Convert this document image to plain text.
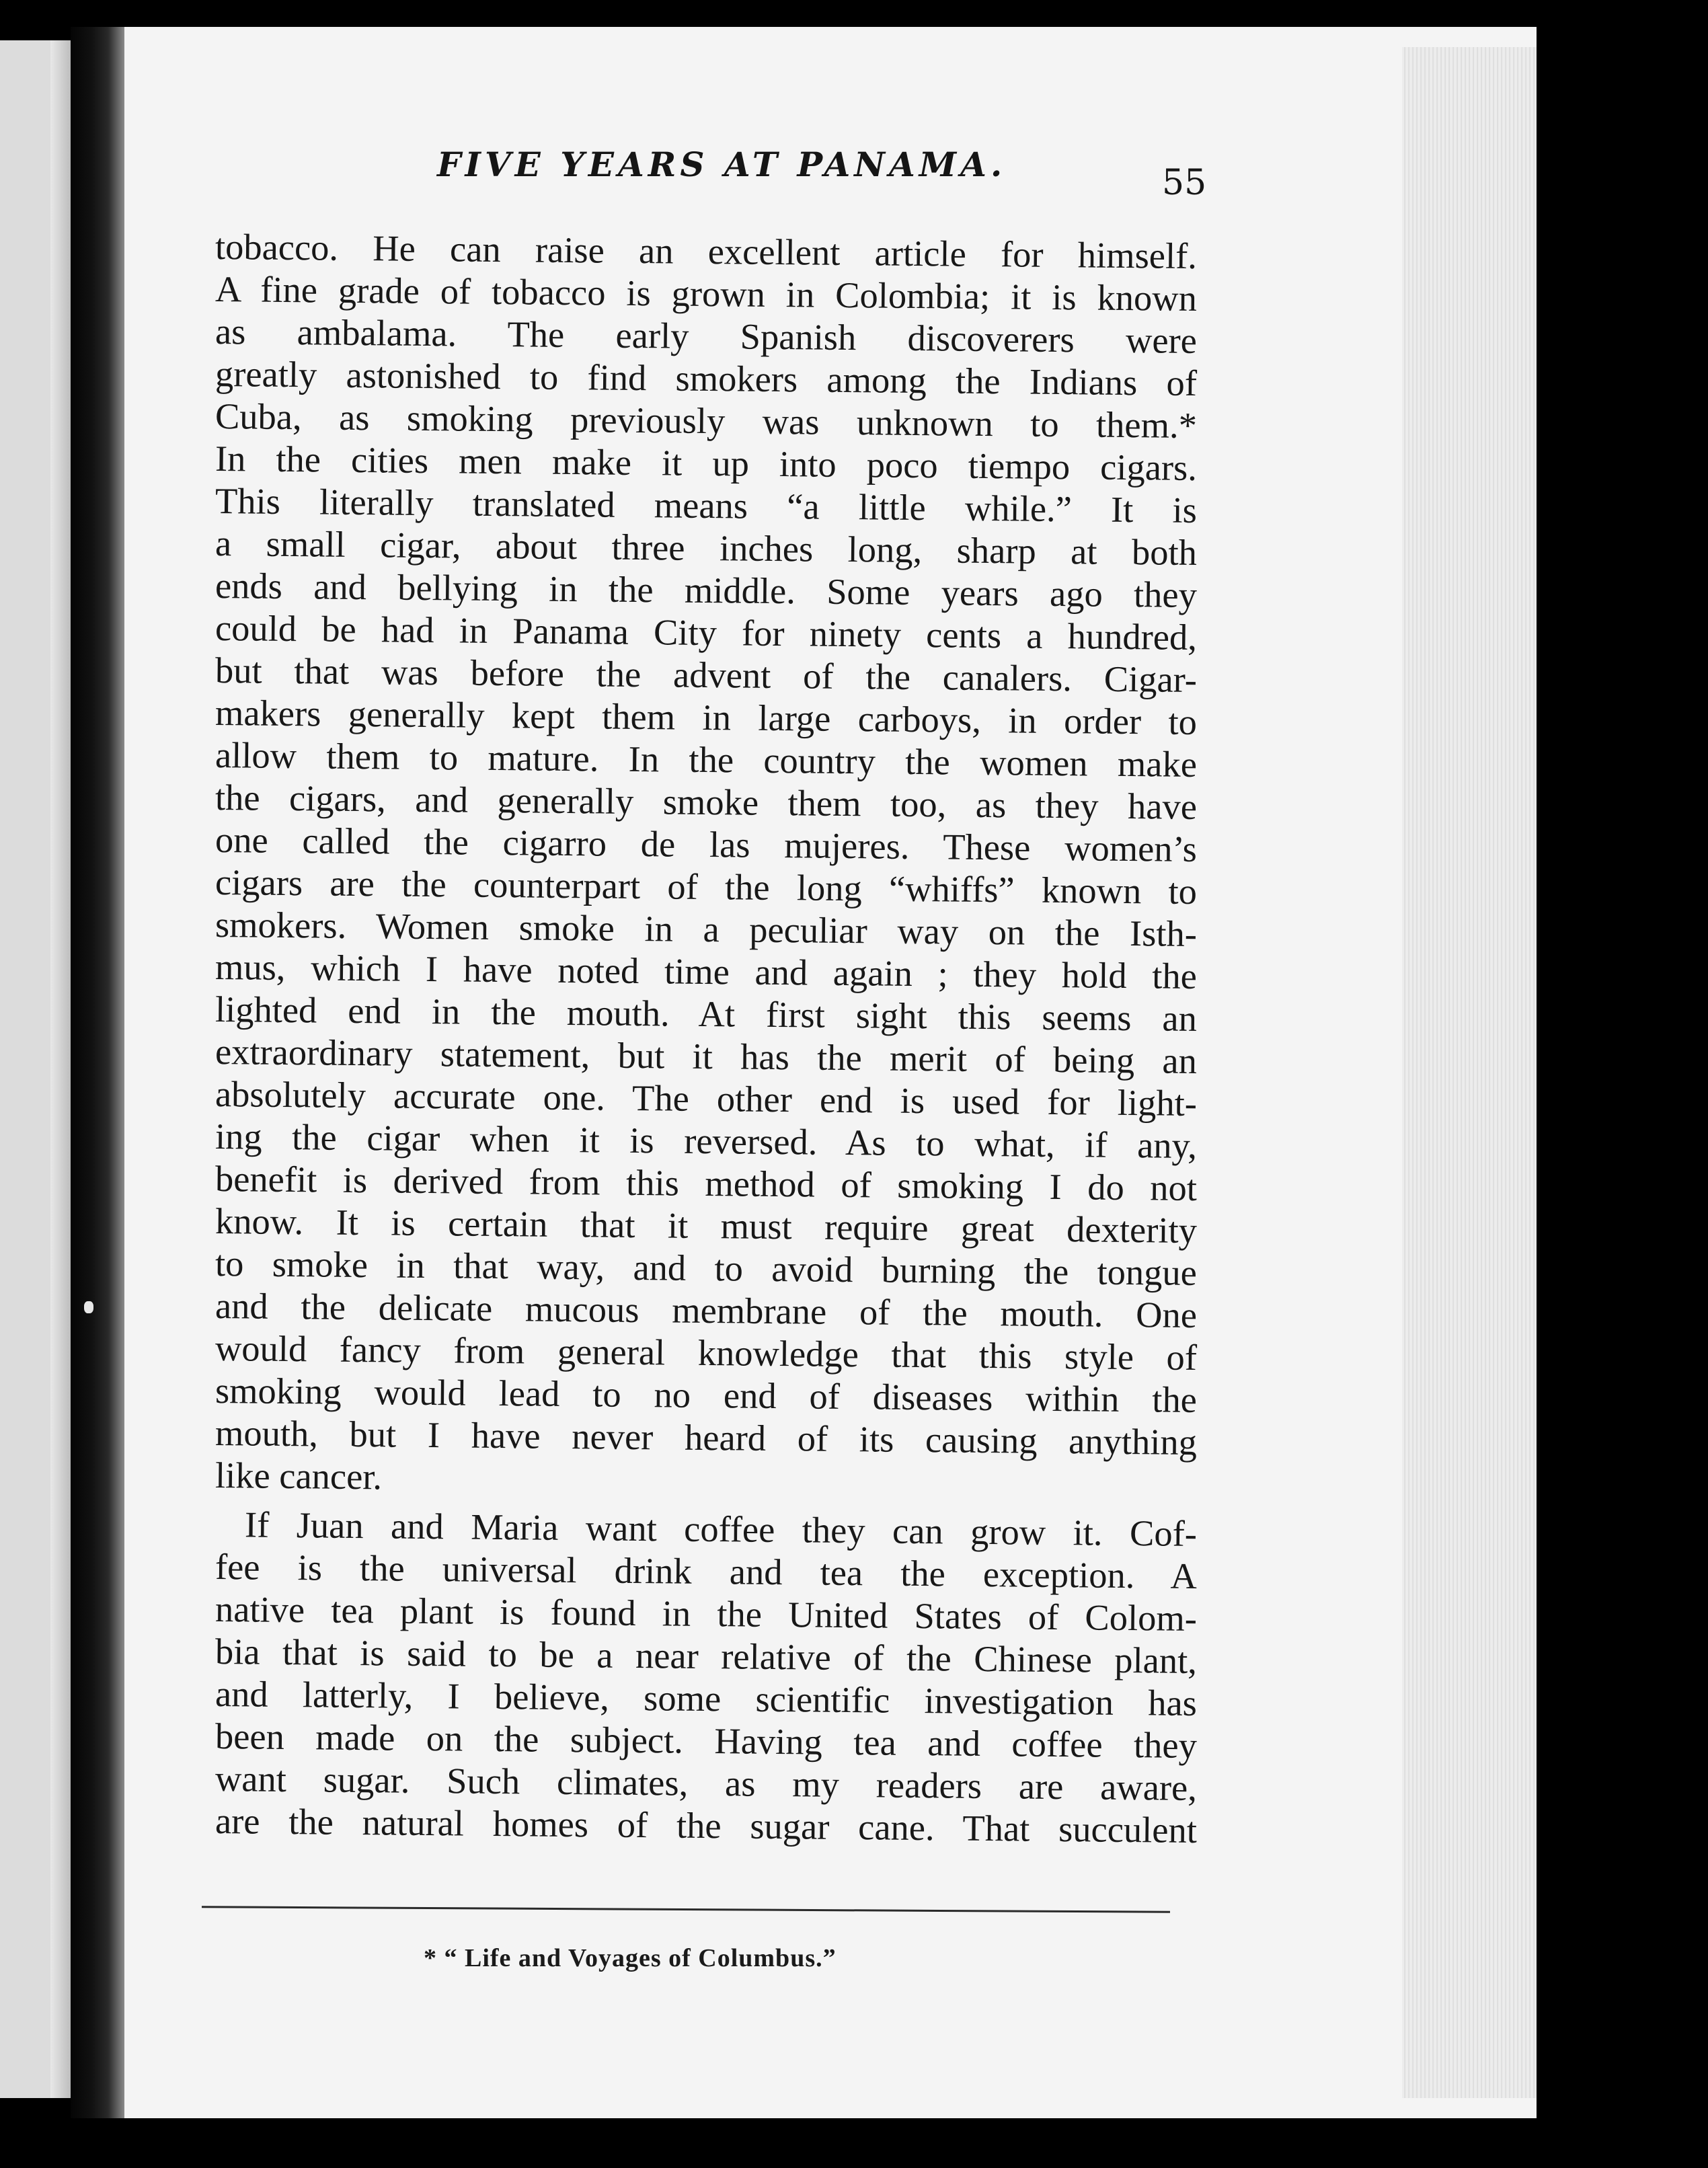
FIVE YEARS AT PANAMA.	55
tobacco. He can raise an excellent article for himself.
A fine grade of tobacco is grown in Colombia; it is known
as ambalama. The early Spanish discoverers were
greatly astonished to find smokers among the Indians of
Cuba, as smoking previously was unknown to them.*
In the cities men make it up into poco tiempo cigars.
This literally translated means “a little while.” It is
a small cigar, about three inches long, sharp at both
ends and bellying in the middle. Some years ago they
could be had in Panama City for ninety cents a hundred,
but that was before the advent of the canalers. Cigar-
makers generally kept them in large carboys, in order to
allow them to mature. In the country the women make
the cigars, and generally smoke them too, as they have
one called the cigarro de las mujeres. These women’s
cigars are the counterpart of the long “whiffs” known to
smokers. Women smoke in a peculiar way on the Isth-
mus, which I have noted time and again ; they hold the
lighted end in the mouth. At first sight this seems an
extraordinary statement, but it has the merit of being an
absolutely accurate one. The other end is used for light-
ing the cigar when it is reversed. As to what, if any,
benefit is derived from this method of smoking I do not
know. It is certain that it must require great dexterity
to smoke in that way, and to avoid burning the tongue
and the delicate mucous membrane of the mouth. One
would fancy from general knowledge that this style of
smoking would lead to no end of diseases within the
mouth, but I have never heard of its causing anything
like cancer.
If Juan and Maria want coffee they can grow it. Cof-
fee is the universal drink and tea the exception. A
native tea plant is found in the United States of Colom-
bia that is said to be a near relative of the Chinese plant,
and latterly, I believe, some scientific investigation has
been made on the subject. Having tea and coffee they
want sugar. Such climates, as my readers are aware,
are the natural homes of the sugar cane. That succulent
* “ Life and Voyages of Columbus.”
